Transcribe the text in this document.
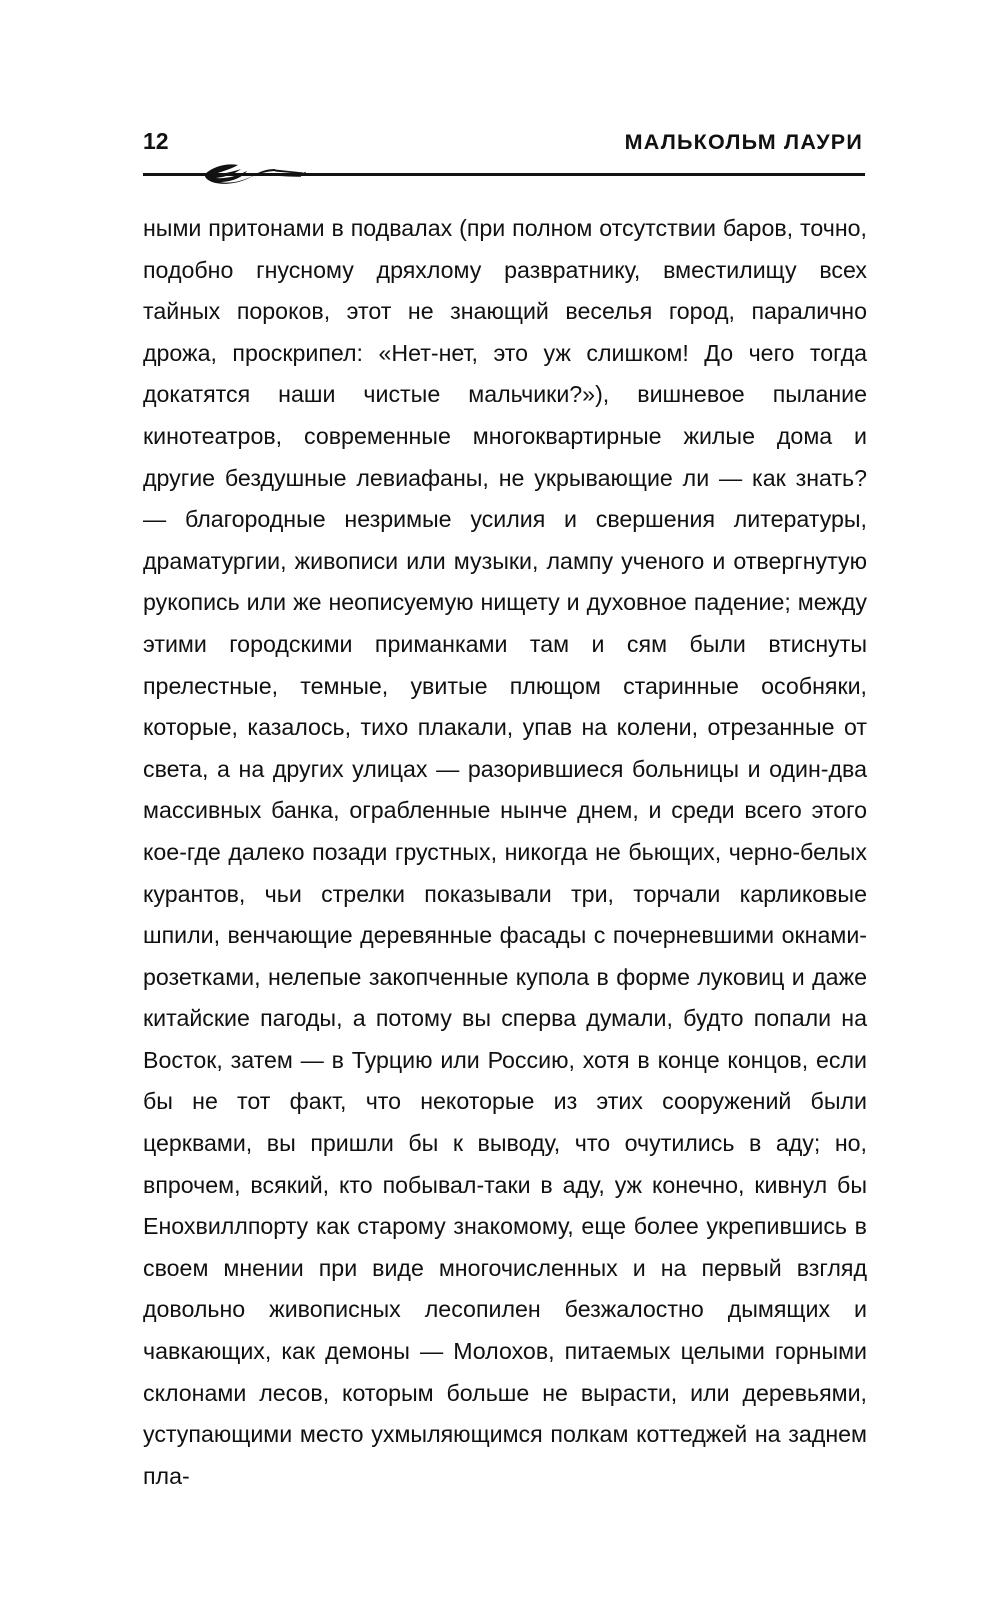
12	МАЛЬКОЛЬМ ЛАУРИ

ными притонами в подвалах (при полном отсутствии баров, точно, подобно гнусному дряхлому развратнику, вместилищу всех тайных пороков, этот не знающий веселья город, паралично дрожа, проскрипел: «Нет-нет, это уж слишком! До чего тогда докатятся наши чистые мальчики?»), вишневое пылание кинотеатров, современные многоквартирные жилые дома и другие бездушные левиафаны, не укрывающие ли — как знать? — благородные незримые усилия и свершения литературы, драматургии, живописи или музыки, лампу ученого и отвергнутую рукопись или же неописуемую нищету и духовное падение; между этими городскими приманками там и сям были втиснуты прелестные, темные, увитые плющом старинные особняки, которые, казалось, тихо плакали, упав на колени, отрезанные от света, а на других улицах — разорившиеся больницы и один-два массивных банка, ограбленные нынче днем, и среди всего этого кое-где далеко позади грустных, никогда не бьющих, черно-белых курантов, чьи стрелки показывали три, торчали карликовые шпили, венчающие деревянные фасады с почерневшими окнами-розетками, нелепые закопченные купола в форме луковиц и даже китайские пагоды, а потому вы сперва думали, будто попали на Восток, затем — в Турцию или Россию, хотя в конце концов, если бы не тот факт, что некоторые из этих сооружений были церквами, вы пришли бы к выводу, что очутились в аду; но, впрочем, всякий, кто побывал-таки в аду, уж конечно, кивнул бы Енохвиллпорту как старому знакомому, еще более укрепившись в своем мнении при виде многочисленных и на первый взгляд довольно живописных лесопилен безжалостно дымящих и чавкающих, как демоны — Молохов, питаемых целыми горными склонами лесов, которым больше не вырасти, или деревьями, уступающими место ухмыляющимся полкам коттеджей на заднем пла-
